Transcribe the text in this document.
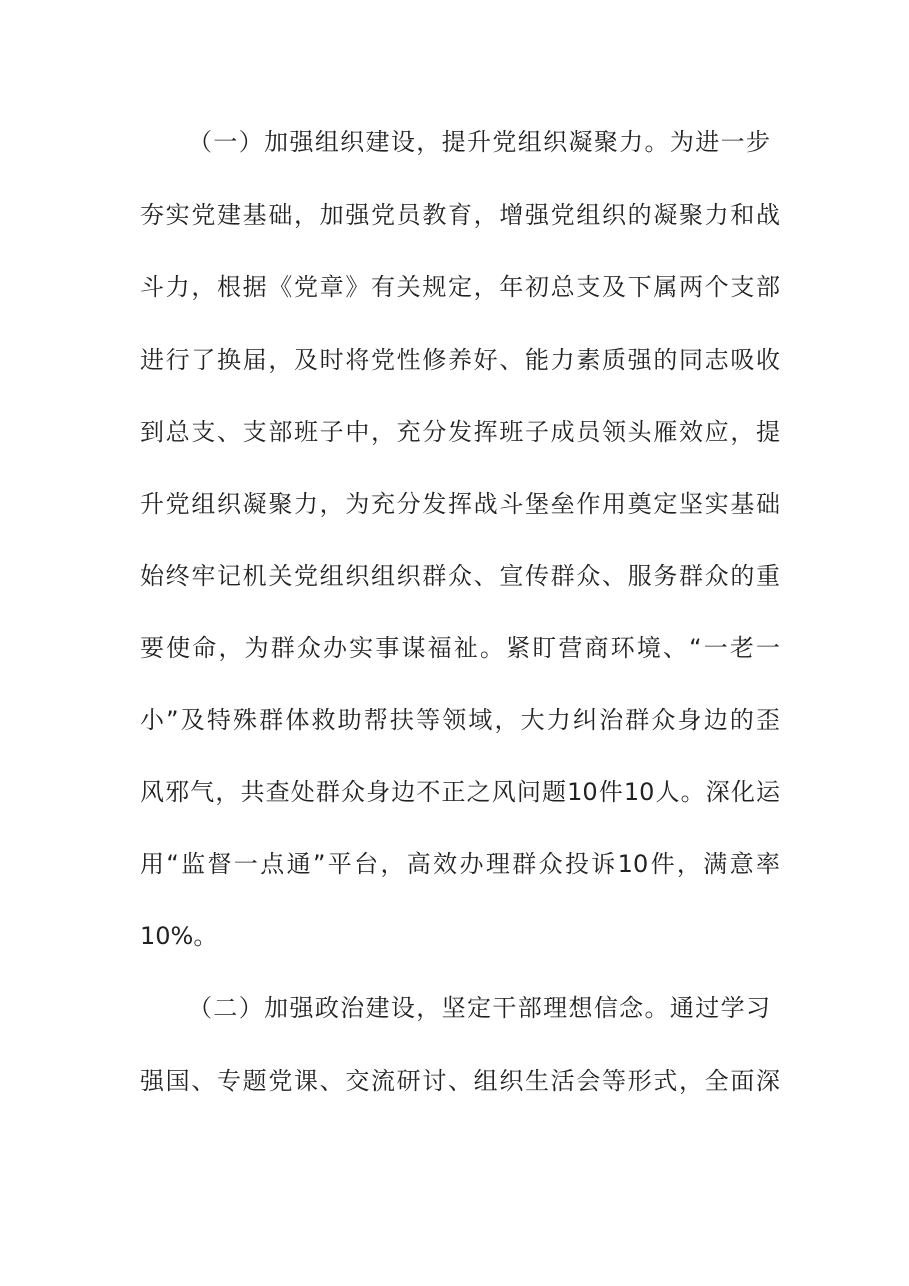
（一）加强组织建设，提升党组织凝聚力。为进一步
夯实党建基础，加强党员教育，增强党组织的凝聚力和战
斗力，根据《党章》有关规定，年初总支及下属两个支部
进行了换届，及时将党性修养好、能力素质强的同志吸收
到总支、支部班子中，充分发挥班子成员领头雁效应，提
升党组织凝聚力，为充分发挥战斗堡垒作用奠定坚实基础
始终牢记机关党组织组织群众、宣传群众、服务群众的重
要使命，为群众办实事谋福祉。紧盯营商环境、“一老一
小”及特殊群体救助帮扶等领域，大力纠治群众身边的歪
风邪气，共查处群众身边不正之风问题10件10人。深化运
用“监督一点通”平台，高效办理群众投诉10件，满意率
10%。
（二）加强政治建设，坚定干部理想信念。通过学习
强国、专题党课、交流研讨、组织生活会等形式，全面深
